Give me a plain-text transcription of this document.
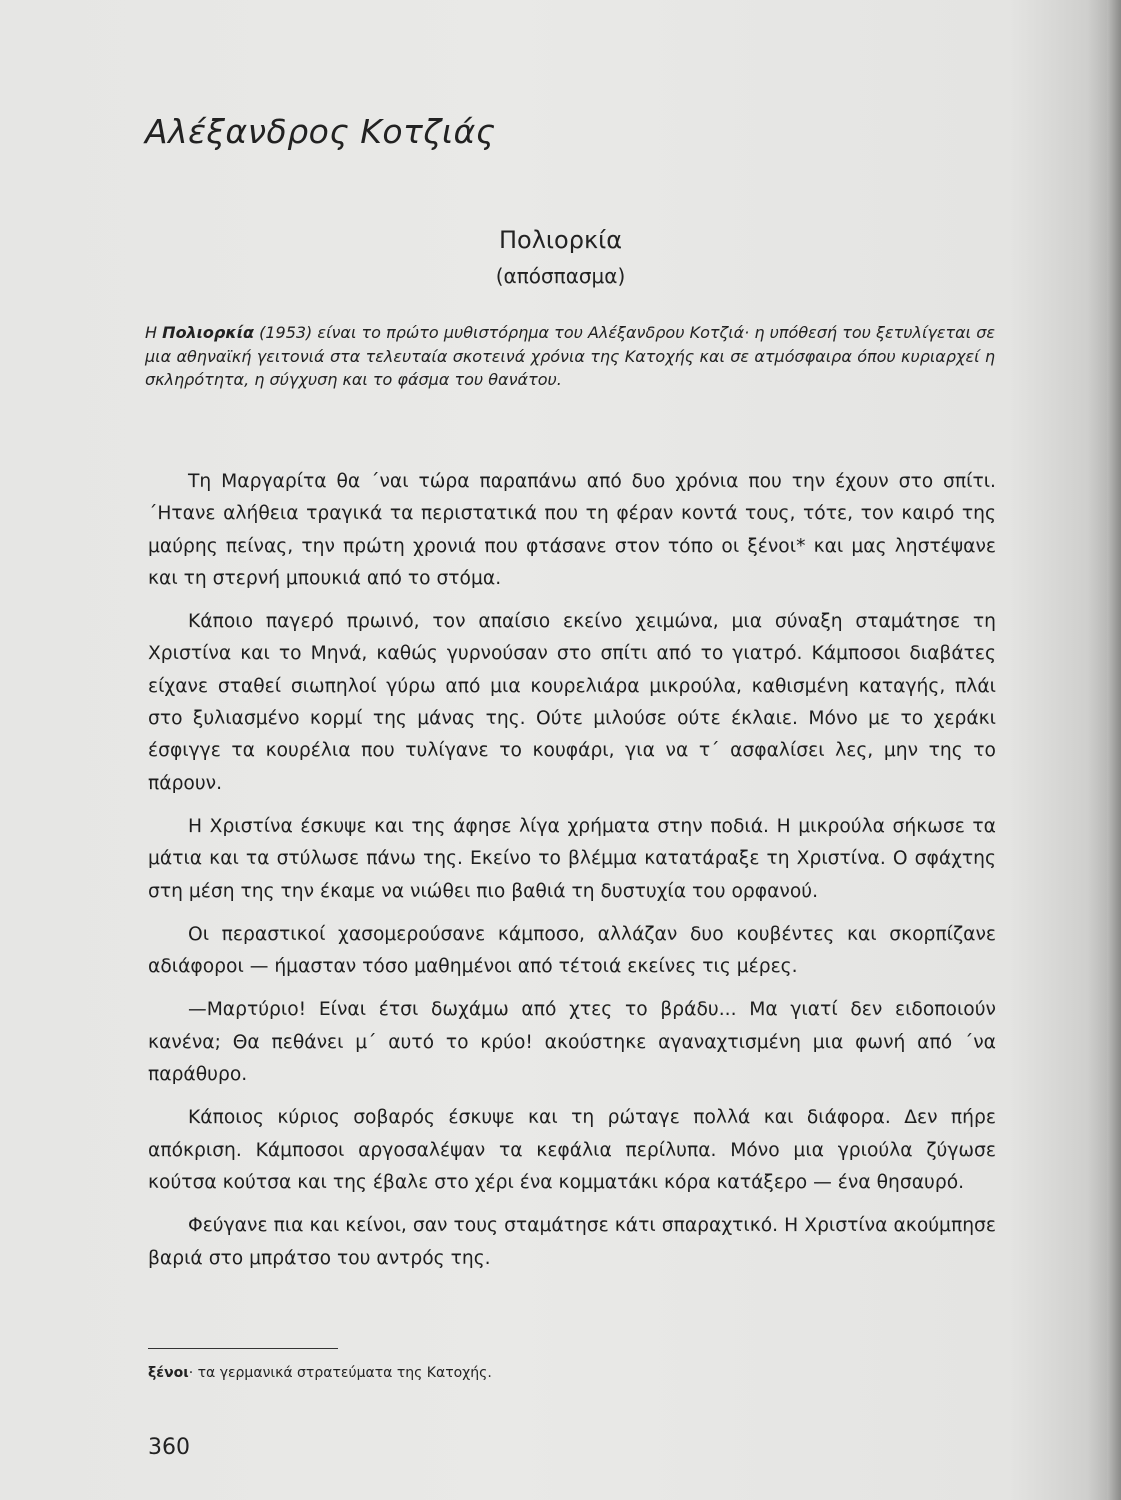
Αλέξανδρος Κοτζιάς
Πολιορκία
(απόσπασμα)
Η Πολιορκία (1953) είναι το πρώτο μυθιστόρημα του Αλέξανδρου Κοτζιά· η υπόθεσή του ξετυλίγεται σε μια αθηναϊκή γειτονιά στα τελευταία σκοτεινά χρόνια της Κατοχής και σε ατμόσφαιρα όπου κυριαρχεί η σκληρότητα, η σύγχυση και το φάσμα του θανάτου.

Τη Μαργαρίτα θα ΄ναι τώρα παραπάνω από δυο χρόνια που την έχουν στο σπίτι. ΄Ητανε αλήθεια τραγικά τα περιστατικά που τη φέραν κοντά τους, τότε, τον καιρό της μαύρης πείνας, την πρώτη χρονιά που φτάσανε στον τόπο οι ξένοι* και μας ληστέψανε και τη στερνή μπουκιά από το στόμα.

Κάποιο παγερό πρωινό, τον απαίσιο εκείνο χειμώνα, μια σύναξη σταμάτησε τη Χριστίνα και το Μηνά, καθώς γυρνούσαν στο σπίτι από το γιατρό. Κάμποσοι διαβάτες είχανε σταθεί σιωπηλοί γύρω από μια κουρελιάρα μικρούλα, καθισμένη καταγής, πλάι στο ξυλιασμένο κορμί της μάνας της. Ούτε μιλούσε ούτε έκλαιε. Μόνο με το χεράκι έσφιγγε τα κουρέλια που τυλίγανε το κουφάρι, για να τ΄ ασφαλίσει λες, μην της το πάρουν.

Η Χριστίνα έσκυψε και της άφησε λίγα χρήματα στην ποδιά. Η μικρούλα σήκωσε τα μάτια και τα στύλωσε πάνω της. Εκείνο το βλέμμα κατατάραξε τη Χριστίνα. Ο σφάχτης στη μέση της την έκαμε να νιώθει πιο βαθιά τη δυστυχία του ορφανού.

Οι περαστικοί χασομερούσανε κάμποσο, αλλάζαν δυο κουβέντες και σκορπίζανε αδιάφοροι — ήμασταν τόσο μαθημένοι από τέτοιά εκείνες τις μέρες.

—Μαρτύριο! Είναι έτσι δωχάμω από χτες το βράδυ... Μα γιατί δεν ειδοποιούν κανένα; Θα πεθάνει μ΄ αυτό το κρύο! ακούστηκε αγαναχτισμένη μια φωνή από ΄να παράθυρο.

Κάποιος κύριος σοβαρός έσκυψε και τη ρώταγε πολλά και διάφορα. Δεν πήρε απόκριση. Κάμποσοι αργοσαλέψαν τα κεφάλια περίλυπα. Μόνο μια γριούλα ζύγωσε κούτσα κούτσα και της έβαλε στο χέρι ένα κομματάκι κόρα κατάξερο — ένα θησαυρό.

Φεύγανε πια και κείνοι, σαν τους σταμάτησε κάτι σπαραχτικό. Η Χριστίνα ακούμπησε βαριά στο μπράτσο του αντρός της.

ξένοι· τα γερμανικά στρατεύματα της Κατοχής.
360
